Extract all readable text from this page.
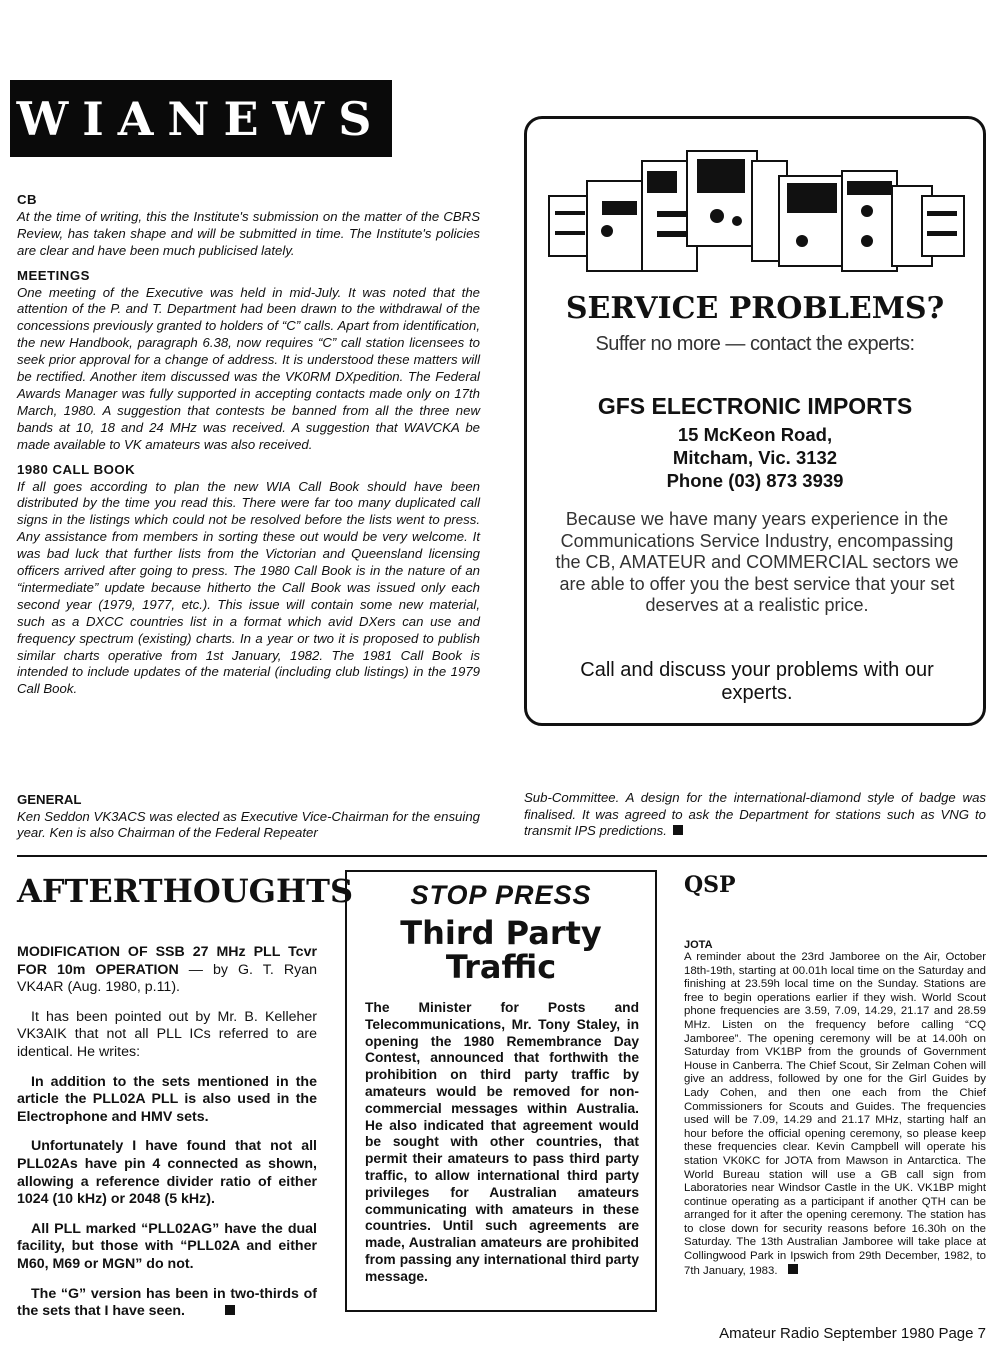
WIANEWS
CB

At the time of writing, this the Institute's submission on the matter of the CBRS Review, has taken shape and will be submitted in time. The Institute's policies are clear and have been much publicised lately.

MEETINGS

One meeting of the Executive was held in mid-July. It was noted that the attention of the P. and T. Department had been drawn to the withdrawal of the concessions previously granted to holders of “C” calls. Apart from identification, the new Handbook, paragraph 6.38, now requires “C” call station licensees to seek prior approval for a change of address. It is understood these matters will be rectified. Another item discussed was the VK0RM DXpedition. The Federal Awards Manager was fully supported in accepting contacts made only on 17th March, 1980. A suggestion that contests be banned from all the three new bands at 10, 18 and 24 MHz was received. A suggestion that WAVCKA be made available to VK amateurs was also received.

1980 CALL BOOK

If all goes according to plan the new WIA Call Book should have been distributed by the time you read this. There were far too many duplicated call signs in the listings which could not be resolved before the lists went to press. Any assistance from members in sorting these out would be very welcome. It was bad luck that further lists from the Victorian and Queensland licensing officers arrived after going to press. The 1980 Call Book is in the nature of an “intermediate” update because hitherto the Call Book was issued only each second year (1979, 1977, etc.). This issue will contain some new material, such as a DXCC countries list in a format which avid DXers can use and frequency spectrum (existing) charts. In a year or two it is proposed to publish similar charts operative from 1st January, 1982. The 1981 Call Book is intended to include updates of the material (including club listings) in the 1979 Call Book.

SERVICE PROBLEMS?
Suffer no more — contact the experts:
GFS ELECTRONIC IMPORTS
15 McKeon Road,
Mitcham, Vic. 3132
Phone (03) 873 3939
Because we have many years experience in the Communications Service Industry, encompassing the CB, AMATEUR and COMMERCIAL sectors we are able to offer you the best service that your set deserves at a realistic price.
Call and discuss your problems with our experts.
GENERAL

Ken Seddon VK3ACS was elected as Executive Vice-Chairman for the ensuing year. Ken is also Chairman of the Federal Repeater

Sub-Committee. A design for the international-diamond style of badge was finalised. It was agreed to ask the Department for stations such as VNG to transmit IPS predictions.
AFTERTHOUGHTS

MODIFICATION OF SSB 27 MHz PLL Tcvr FOR 10m OPERATION — by G. T. Ryan VK4AR (Aug. 1980, p.11).

It has been pointed out by Mr. B. Kelleher VK3AIK that not all PLL ICs referred to are identical. He writes:

In addition to the sets mentioned in the article the PLL02A PLL is also used in the Electrophone and HMV sets.

Unfortunately I have found that not all PLL02As have pin 4 connected as shown, allowing a reference divider ratio of either 1024 (10 kHz) or 2048 (5 kHz).

All PLL marked “PLL02AG” have the dual facility, but those with “PLL02A and either M60, M69 or MGN” do not.

The “G” version has been in two-thirds of the sets that I have seen.

STOP PRESS
Third Party
Traffic
The Minister for Posts and Telecommunications, Mr. Tony Staley, in opening the 1980 Remembrance Day Contest, announced that forthwith the prohibition on third party traffic by amateurs would be removed for non-commercial messages within Australia. He also indicated that agreement would be sought with other countries, that permit their amateurs to pass third party traffic, to allow international third party privileges for Australian amateurs communicating with amateurs in these countries. Until such agreements are made, Australian amateurs are prohibited from passing any international third party message.
QSP
JOTA
A reminder about the 23rd Jamboree on the Air, October 18th-19th, starting at 00.01h local time on the Saturday and finishing at 23.59h local time on the Sunday. Stations are free to begin operations earlier if they wish. World Scout phone frequencies are 3.59, 7.09, 14.29, 21.17 and 28.59 MHz. Listen on the frequency before calling “CQ Jamboree”. The opening ceremony will be at 14.00h on Saturday from VK1BP from the grounds of Government House in Canberra. The Chief Scout, Sir Zelman Cohen will give an address, followed by one for the Girl Guides by Lady Cohen, and then one each from the Chief Commissioners for Scouts and Guides. The frequencies used will be 7.09, 14.29 and 21.17 MHz, starting half an hour before the official opening ceremony, so please keep these frequencies clear. Kevin Campbell will operate his station VK0KC for JOTA from Mawson in Antarctica. The World Bureau station will use a GB call sign from Laboratories near Windsor Castle in the UK. VK1BP might continue operating as a participant if another QTH can be arranged for it after the opening ceremony. The station has to close down for security reasons before 16.30h on the Saturday. The 13th Australian Jamboree will take place at Collingwood Park in Ipswich from 29th December, 1982, to 7th January, 1983.
Amateur Radio September 1980 Page 7
